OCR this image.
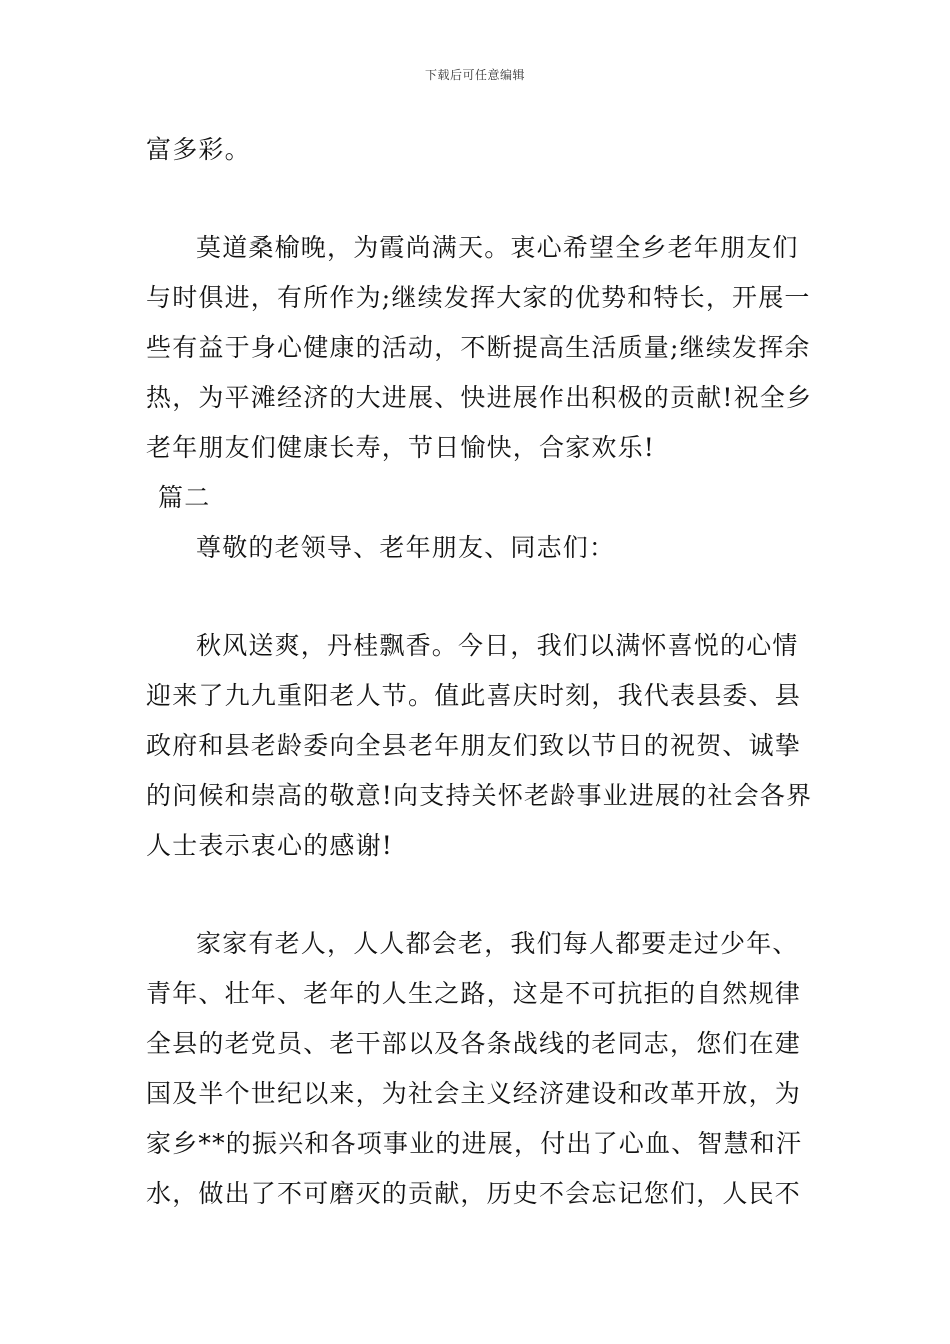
下载后可任意编辑
富多彩。
莫道桑榆晚，为霞尚满天。衷心希望全乡老年朋友们
与时俱进，有所作为;继续发挥大家的优势和特长，开展一
些有益于身心健康的活动，不断提高生活质量;继续发挥余
热，为平滩经济的大进展、快进展作出积极的贡献!祝全乡
老年朋友们健康长寿，节日愉快，合家欢乐!
篇二
尊敬的老领导、老年朋友、同志们：
秋风送爽，丹桂飘香。今日，我们以满怀喜悦的心情
迎来了九九重阳老人节。值此喜庆时刻，我代表县委、县
政府和县老龄委向全县老年朋友们致以节日的祝贺、诚挚
的问候和崇高的敬意!向支持关怀老龄事业进展的社会各界
人士表示衷心的感谢!
家家有老人，人人都会老，我们每人都要走过少年、
青年、壮年、老年的人生之路，这是不可抗拒的自然规律
全县的老党员、老干部以及各条战线的老同志，您们在建
国及半个世纪以来，为社会主义经济建设和改革开放，为
家乡**的振兴和各项事业的进展，付出了心血、智慧和汗
水，做出了不可磨灭的贡献，历史不会忘记您们，人民不
